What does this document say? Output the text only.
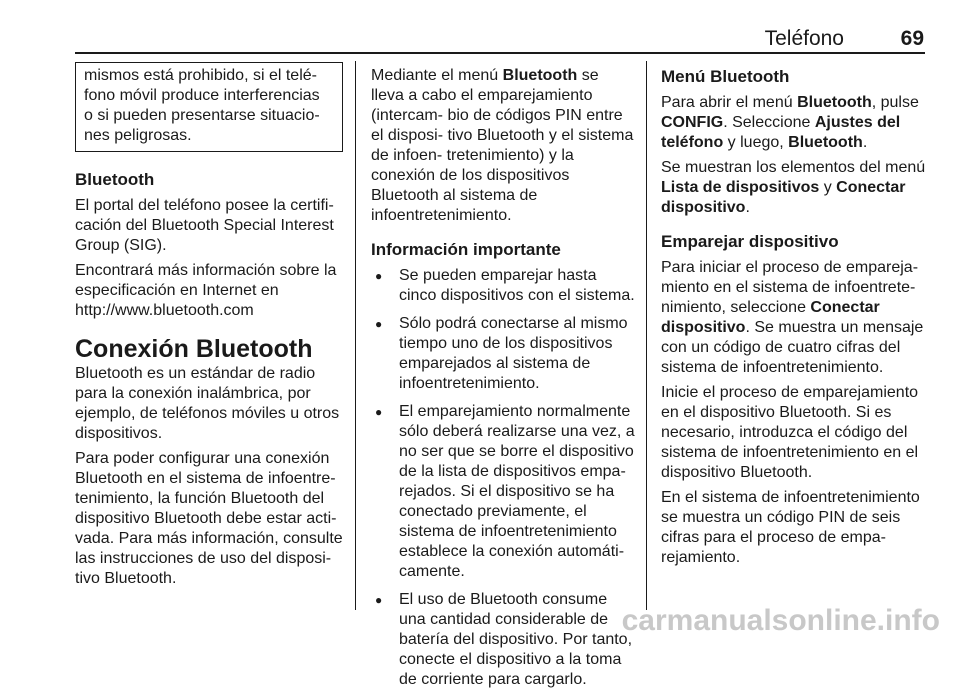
Teléfono	69

mismos está prohibido, si el telé- fono móvil produce interferencias o si pueden presentarse situacio- nes peligrosas.

Bluetooth

El portal del teléfono posee la certifi- cación del Bluetooth Special Interest Group (SIG).

Encontrará más información sobre la especificación en Internet en http://www.bluetooth.com

Conexión Bluetooth

Bluetooth es un estándar de radio para la conexión inalámbrica, por ejemplo, de teléfonos móviles u otros dispositivos.

Para poder configurar una conexión Bluetooth en el sistema de infoentre- tenimiento, la función Bluetooth del dispositivo Bluetooth debe estar acti- vada. Para más información, consulte las instrucciones de uso del disposi- tivo Bluetooth.

Mediante el menú Bluetooth se lleva a cabo el emparejamiento (intercam- bio de códigos PIN entre el disposi- tivo Bluetooth y el sistema de infoen- tretenimiento) y la conexión de los dispositivos Bluetooth al sistema de infoentretenimiento.

Información importante

● Se pueden emparejar hasta cinco dispositivos con el sistema.
● Sólo podrá conectarse al mismo tiempo uno de los dispositivos emparejados al sistema de infoentretenimiento.
● El emparejamiento normalmente sólo deberá realizarse una vez, a no ser que se borre el dispositivo de la lista de dispositivos empa- rejados. Si el dispositivo se ha conectado previamente, el sistema de infoentretenimiento establece la conexión automáti- camente.
● El uso de Bluetooth consume una cantidad considerable de batería del dispositivo. Por tanto, conecte el dispositivo a la toma de corriente para cargarlo.

Menú Bluetooth

Para abrir el menú Bluetooth, pulse CONFIG. Seleccione Ajustes del teléfono y luego, Bluetooth.

Se muestran los elementos del menú Lista de dispositivos y Conectar dispositivo.

Emparejar dispositivo

Para iniciar el proceso de empareja- miento en el sistema de infoentrete- nimiento, seleccione Conectar dispositivo. Se muestra un mensaje con un código de cuatro cifras del sistema de infoentretenimiento.

Inicie el proceso de emparejamiento en el dispositivo Bluetooth. Si es necesario, introduzca el código del sistema de infoentretenimiento en el dispositivo Bluetooth.

En el sistema de infoentretenimiento se muestra un código PIN de seis cifras para el proceso de empa- rejamiento.

carmanualsonline.info
